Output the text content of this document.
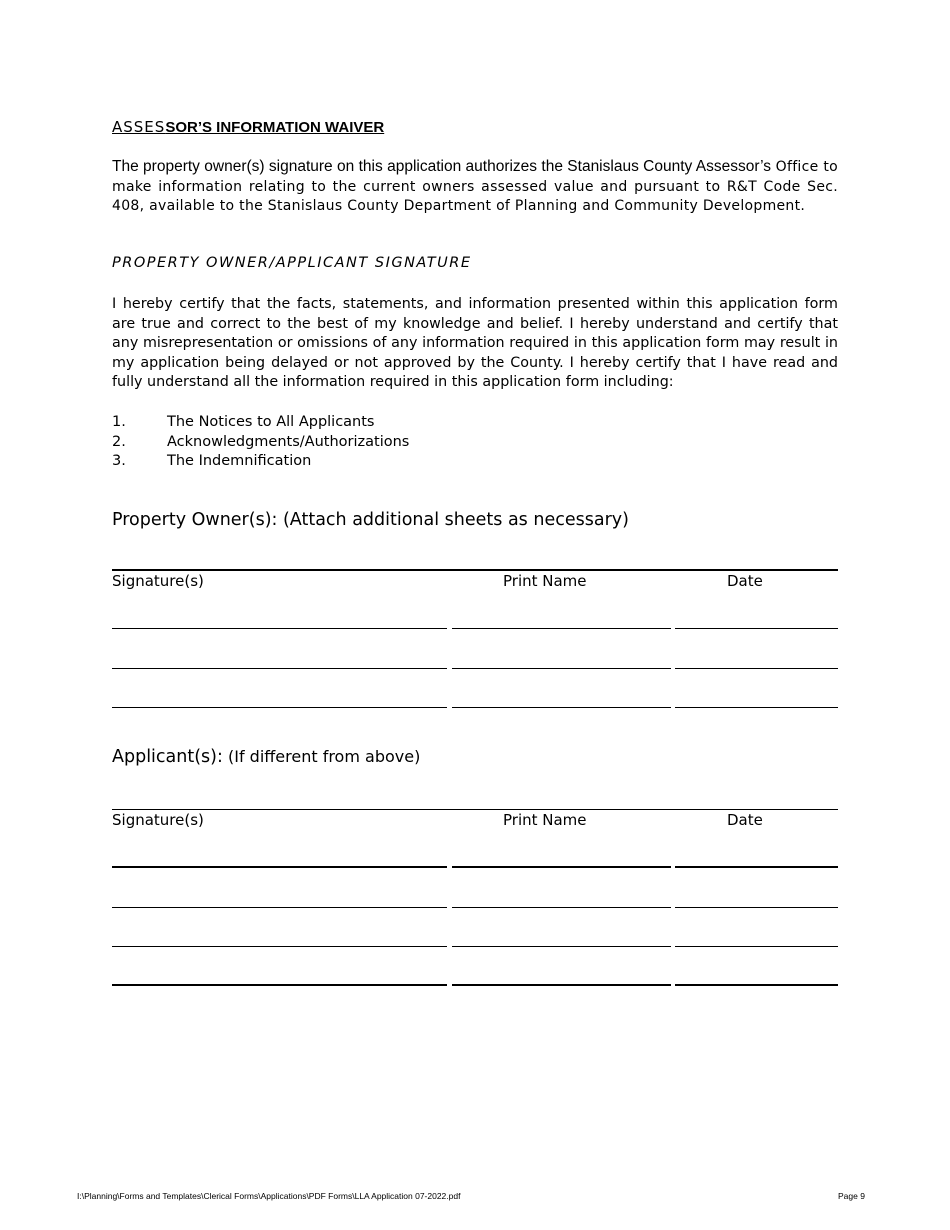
ASSESSOR’S INFORMATION WAIVER

The property owner(s) signature on this application authorizes the Stanislaus County Assessor’s Office to make information relating to the current owners assessed value and pursuant to R&T Code Sec. 408, available to the Stanislaus County Department of Planning and Community Development.

PROPERTY OWNER/APPLICANT SIGNATURE

I hereby certify that the facts, statements, and information presented within this application form are true and correct to the best of my knowledge and belief. I hereby understand and certify that any misrepresentation or omissions of any information required in this application form may result in my application being delayed or not approved by the County. I hereby certify that I have read and fully understand all the information required in this application form including:

1.	The Notices to All Applicants
2.	Acknowledgments/Authorizations
3.	The Indemnification
Property Owner(s): (Attach additional sheets as necessary)
Signature(s)	Print Name	Date
Applicant(s): (If different from above)
Signature(s)	Print Name	Date
I:\Planning\Forms and Templates\Clerical Forms\Applications\PDF Forms\LLA Application 07-2022.pdf	Page 9
